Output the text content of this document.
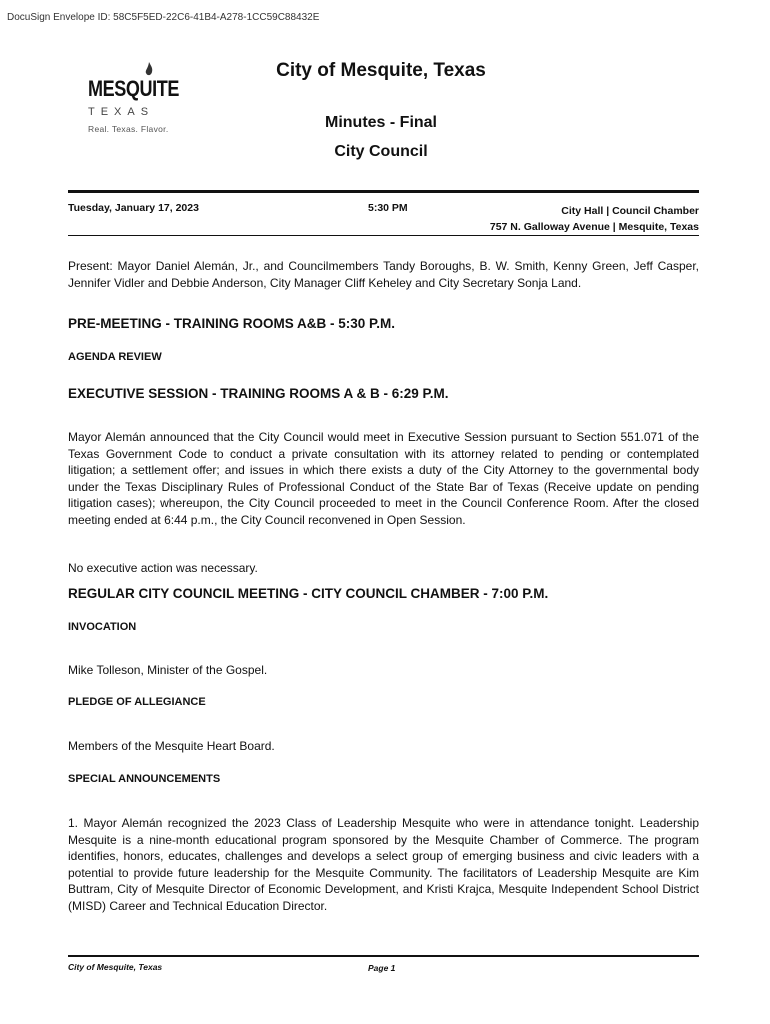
DocuSign Envelope ID: 58C5F5ED-22C6-41B4-A278-1CC59C88432E
MESQUITE
TEXAS
Real. Texas. Flavor.
City of Mesquite, Texas
Minutes - Final
City Council
Tuesday, January 17, 2023	5:30 PM	City Hall | Council Chamber
757 N. Galloway Avenue | Mesquite, Texas

Present: Mayor Daniel Alemán, Jr., and Councilmembers Tandy Boroughs, B. W. Smith, Kenny Green, Jeff Casper, Jennifer Vidler and Debbie Anderson, City Manager Cliff Keheley and City Secretary Sonja Land.

PRE-MEETING - TRAINING ROOMS A&B - 5:30 P.M.
AGENDA REVIEW
EXECUTIVE SESSION - TRAINING ROOMS A & B - 6:29 P.M.

Mayor Alemán announced that the City Council would meet in Executive Session pursuant to Section 551.071 of the Texas Government Code to conduct a private consultation with its attorney related to pending or contemplated litigation; a settlement offer; and issues in which there exists a duty of the City Attorney to the governmental body under the Texas Disciplinary Rules of Professional Conduct of the State Bar of Texas (Receive update on pending litigation cases); whereupon, the City Council proceeded to meet in the Council Conference Room. After the closed meeting ended at 6:44 p.m., the City Council reconvened in Open Session.

No executive action was necessary.

REGULAR CITY COUNCIL MEETING - CITY COUNCIL CHAMBER - 7:00 P.M.
INVOCATION

Mike Tolleson, Minister of the Gospel.

PLEDGE OF ALLEGIANCE

Members of the Mesquite Heart Board.

SPECIAL ANNOUNCEMENTS

1. Mayor Alemán recognized the 2023 Class of Leadership Mesquite who were in attendance tonight. Leadership Mesquite is a nine-month educational program sponsored by the Mesquite Chamber of Commerce. The program identifies, honors, educates, challenges and develops a select group of emerging business and civic leaders with a potential to provide future leadership for the Mesquite Community. The facilitators of Leadership Mesquite are Kim Buttram, City of Mesquite Director of Economic Development, and Kristi Krajca, Mesquite Independent School District (MISD) Career and Technical Education Director.

City of Mesquite, Texas	Page 1
